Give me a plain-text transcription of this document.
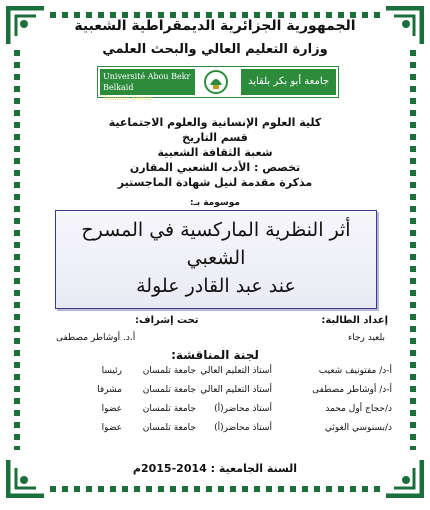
الجمهورية الجزائرية الديمقراطية الشعبية
وزارة التعليم العالي والبحث العلمي
Université Abou Bekr Belkaid
Tlemcen Algérie
جامعة أبو بكر بلقايد
كلية العلوم الإنسانية والعلوم الاجتماعية
قسم التاريخ
شعبة الثقافة الشعبية
تخصص : الأدب الشعبي المقارن
مذكرة مقدمة لنيل شهادة الماجستير
موسومة بـ:
أثر النظرية الماركسية في المسرح
الشعبي
عند عبد القادر علولة
إعداد الطالبة:
تحت إشراف:
بلعيد رجاء
أ.د. أوشاطر مصطفى
لجنة المناقشة:
أ-د/ مفتونيف شعيب
أستاذ التعليم العالي
جامعة تلمسان
رئيسا
أ-د/ أوشاطر مصطفى
أستاذ التعليم العالي
جامعة تلمسان
مشرفا
د/حجاج أول محمد
أستاذ محاضر(أ)
جامعة تلمسان
عضوا
د/بسنوسي الغوثي
أستاذ محاضر(أ)
جامعة تلمسان
عضوا
السنة الجامعية : 2014-2015م
